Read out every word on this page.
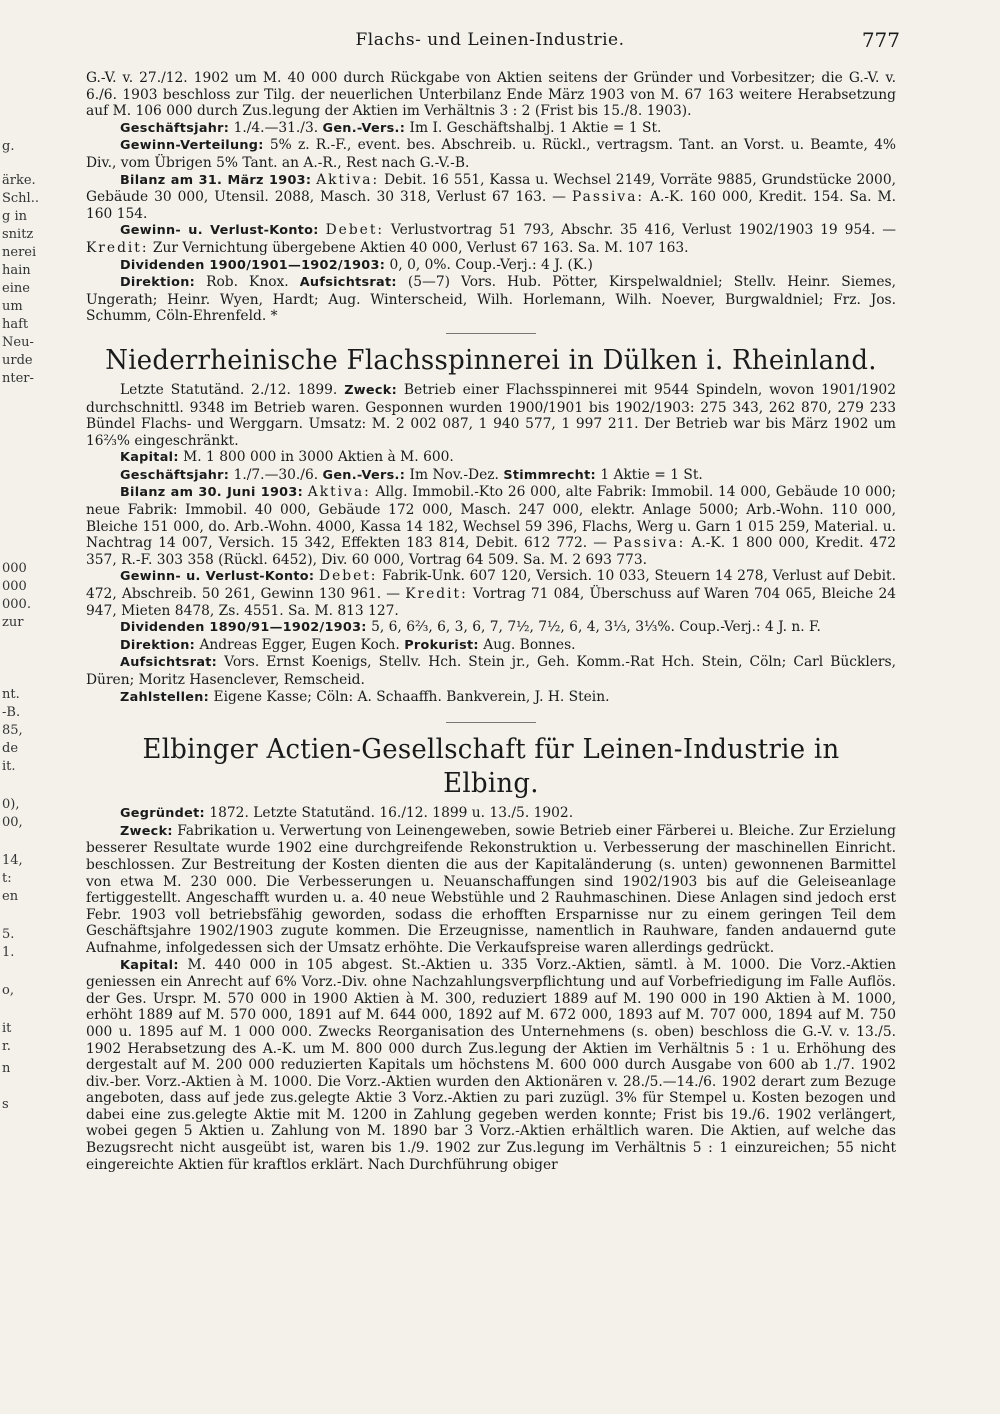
Flachs- und Leinen-Industrie.	777
g.
ärke.
Schl..
g in
snitz
nerei
hain
eine
um
haft
Neu-
urde
nter-
000
000
000.
zur
nt.
-B.
85,
de
it.
0),
00,
14,
t:
en
5.
1.
o,
it
r.
n
s

G.-V. v. 27./12. 1902 um M. 40 000 durch Rückgabe von Aktien seitens der Gründer und Vorbesitzer; die G.-V. v. 6./6. 1903 beschloss zur Tilg. der neuerlichen Unterbilanz Ende März 1903 von M. 67 163 weitere Herabsetzung auf M. 106 000 durch Zus.legung der Aktien im Verhältnis 3 : 2 (Frist bis 15./8. 1903).

Geschäftsjahr: 1./4.—31./3. Gen.-Vers.: Im I. Geschäftshalbj. 1 Aktie = 1 St.

Gewinn-Verteilung: 5% z. R.-F., event. bes. Abschreib. u. Rückl., vertragsm. Tant. an Vorst. u. Beamte, 4% Div., vom Übrigen 5% Tant. an A.-R., Rest nach G.-V.-B.

Bilanz am 31. März 1903: Aktiva: Debit. 16 551, Kassa u. Wechsel 2149, Vorräte 9885, Grundstücke 2000, Gebäude 30 000, Utensil. 2088, Masch. 30 318, Verlust 67 163. — Passiva: A.-K. 160 000, Kredit. 154. Sa. M. 160 154.

Gewinn- u. Verlust-Konto: Debet: Verlustvortrag 51 793, Abschr. 35 416, Verlust 1902/1903 19 954. — Kredit: Zur Vernichtung übergebene Aktien 40 000, Verlust 67 163. Sa. M. 107 163.

Dividenden 1900/1901—1902/1903: 0, 0, 0%. Coup.-Verj.: 4 J. (K.)

Direktion: Rob. Knox. Aufsichtsrat: (5—7) Vors. Hub. Pötter, Kirspelwaldniel; Stellv. Heinr. Siemes, Ungerath; Heinr. Wyen, Hardt; Aug. Winterscheid, Wilh. Horlemann, Wilh. Noever, Burgwaldniel; Frz. Jos. Schumm, Cöln-Ehrenfeld. *

Niederrheinische Flachsspinnerei in Dülken i. Rheinland.

Letzte Statutänd. 2./12. 1899. Zweck: Betrieb einer Flachsspinnerei mit 9544 Spindeln, wovon 1901/1902 durchschnittl. 9348 im Betrieb waren. Gesponnen wurden 1900/1901 bis 1902/1903: 275 343, 262 870, 279 233 Bündel Flachs- und Werggarn. Umsatz: M. 2 002 087, 1 940 577, 1 997 211. Der Betrieb war bis März 1902 um 16⅔% eingeschränkt.

Kapital: M. 1 800 000 in 3000 Aktien à M. 600.

Geschäftsjahr: 1./7.—30./6. Gen.-Vers.: Im Nov.-Dez. Stimmrecht: 1 Aktie = 1 St.

Bilanz am 30. Juni 1903: Aktiva: Allg. Immobil.-Kto 26 000, alte Fabrik: Immobil. 14 000, Gebäude 10 000; neue Fabrik: Immobil. 40 000, Gebäude 172 000, Masch. 247 000, elektr. Anlage 5000; Arb.-Wohn. 110 000, Bleiche 151 000, do. Arb.-Wohn. 4000, Kassa 14 182, Wechsel 59 396, Flachs, Werg u. Garn 1 015 259, Material. u. Nachtrag 14 007, Versich. 15 342, Effekten 183 814, Debit. 612 772. — Passiva: A.-K. 1 800 000, Kredit. 472 357, R.-F. 303 358 (Rückl. 6452), Div. 60 000, Vortrag 64 509. Sa. M. 2 693 773.

Gewinn- u. Verlust-Konto: Debet: Fabrik-Unk. 607 120, Versich. 10 033, Steuern 14 278, Verlust auf Debit. 472, Abschreib. 50 261, Gewinn 130 961. — Kredit: Vortrag 71 084, Überschuss auf Waren 704 065, Bleiche 24 947, Mieten 8478, Zs. 4551. Sa. M. 813 127.

Dividenden 1890/91—1902/1903: 5, 6, 6⅔, 6, 3, 6, 7, 7½, 7½, 6, 4, 3⅓, 3⅓%. Coup.-Verj.: 4 J. n. F.

Direktion: Andreas Egger, Eugen Koch. Prokurist: Aug. Bonnes.

Aufsichtsrat: Vors. Ernst Koenigs, Stellv. Hch. Stein jr., Geh. Komm.-Rat Hch. Stein, Cöln; Carl Bücklers, Düren; Moritz Hasenclever, Remscheid.

Zahlstellen: Eigene Kasse; Cöln: A. Schaaffh. Bankverein, J. H. Stein.

Elbinger Actien-Gesellschaft für Leinen-Industrie in Elbing.

Gegründet: 1872. Letzte Statutänd. 16./12. 1899 u. 13./5. 1902.

Zweck: Fabrikation u. Verwertung von Leinengeweben, sowie Betrieb einer Färberei u. Bleiche. Zur Erzielung besserer Resultate wurde 1902 eine durchgreifende Rekonstruktion u. Verbesserung der maschinellen Einricht. beschlossen. Zur Bestreitung der Kosten dienten die aus der Kapitaländerung (s. unten) gewonnenen Barmittel von etwa M. 230 000. Die Verbesserungen u. Neuanschaffungen sind 1902/1903 bis auf die Geleiseanlage fertiggestellt. Angeschafft wurden u. a. 40 neue Webstühle und 2 Rauhmaschinen. Diese Anlagen sind jedoch erst Febr. 1903 voll betriebsfähig geworden, sodass die erhofften Ersparnisse nur zu einem geringen Teil dem Geschäftsjahre 1902/1903 zugute kommen. Die Erzeugnisse, namentlich in Rauhware, fanden andauernd gute Aufnahme, infolgedessen sich der Umsatz erhöhte. Die Verkaufspreise waren allerdings gedrückt.

Kapital: M. 440 000 in 105 abgest. St.-Aktien u. 335 Vorz.-Aktien, sämtl. à M. 1000. Die Vorz.-Aktien geniessen ein Anrecht auf 6% Vorz.-Div. ohne Nachzahlungsverpflichtung und auf Vorbefriedigung im Falle Auflös. der Ges. Urspr. M. 570 000 in 1900 Aktien à M. 300, reduziert 1889 auf M. 190 000 in 190 Aktien à M. 1000, erhöht 1889 auf M. 570 000, 1891 auf M. 644 000, 1892 auf M. 672 000, 1893 auf M. 707 000, 1894 auf M. 750 000 u. 1895 auf M. 1 000 000. Zwecks Reorganisation des Unternehmens (s. oben) beschloss die G.-V. v. 13./5. 1902 Herabsetzung des A.-K. um M. 800 000 durch Zus.legung der Aktien im Verhältnis 5 : 1 u. Erhöhung des dergestalt auf M. 200 000 reduzierten Kapitals um höchstens M. 600 000 durch Ausgabe von 600 ab 1./7. 1902 div.-ber. Vorz.-Aktien à M. 1000. Die Vorz.-Aktien wurden den Aktionären v. 28./5.—14./6. 1902 derart zum Bezuge angeboten, dass auf jede zus.gelegte Aktie 3 Vorz.-Aktien zu pari zuzügl. 3% für Stempel u. Kosten bezogen und dabei eine zus.gelegte Aktie mit M. 1200 in Zahlung gegeben werden konnte; Frist bis 19./6. 1902 verlängert, wobei gegen 5 Aktien u. Zahlung von M. 1890 bar 3 Vorz.-Aktien erhältlich waren. Die Aktien, auf welche das Bezugsrecht nicht ausgeübt ist, waren bis 1./9. 1902 zur Zus.legung im Verhältnis 5 : 1 einzureichen; 55 nicht eingereichte Aktien für kraftlos erklärt. Nach Durchführung obiger
